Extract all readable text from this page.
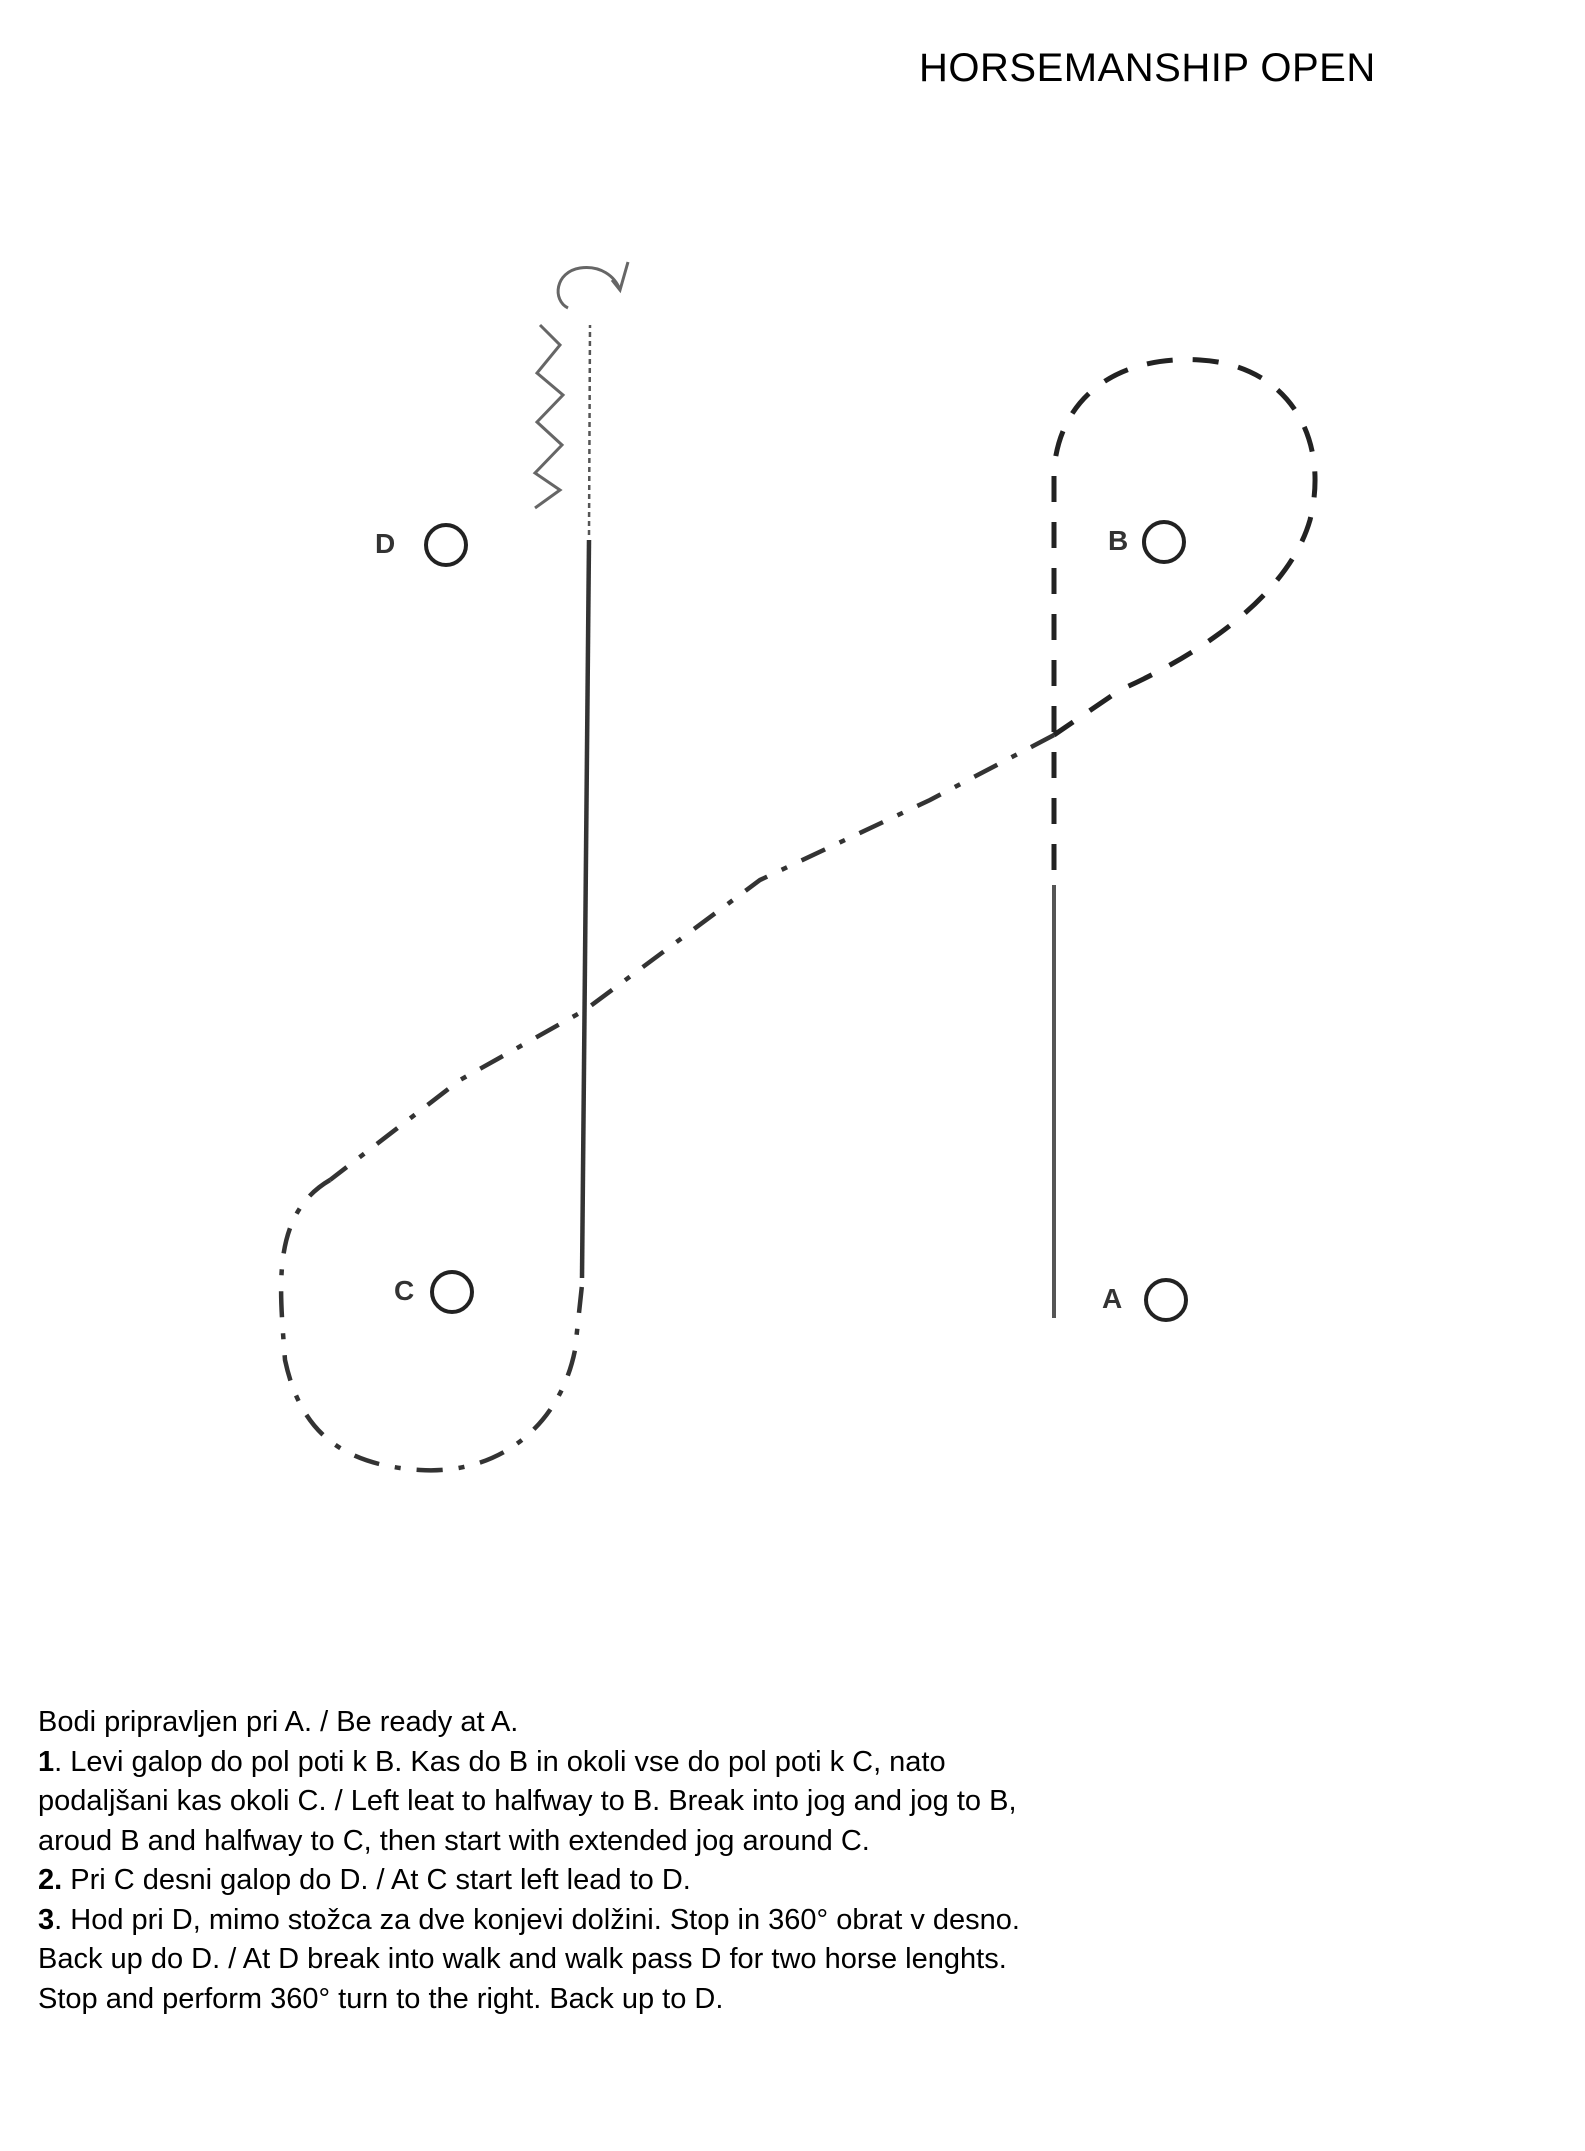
HORSEMANSHIP OPEN
D	B
C	A

Bodi pripravljen pri A. / Be ready at A.

1. Levi galop do pol poti k B. Kas do B in okoli vse do pol poti k C, nato podaljšani kas okoli C. / Left leat to halfway to B. Break into jog and jog to B, aroud B and halfway to C, then start with extended jog around C.

2. Pri C desni galop do D. / At C start left lead to D.

3. Hod pri D, mimo stožca za dve konjevi dolžini. Stop in 360° obrat v desno. Back up do D. / At D break into walk and walk pass D for two horse lenghts. Stop and perform 360° turn to the right. Back up to D.
